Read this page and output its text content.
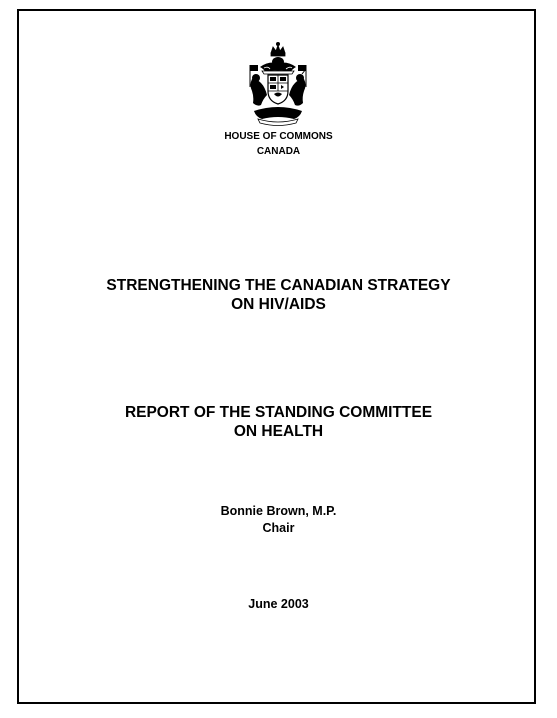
HOUSE OF COMMONS
CANADA
STRENGTHENING THE CANADIAN STRATEGY
ON HIV/AIDS
REPORT OF THE STANDING COMMITTEE
ON HEALTH
Bonnie Brown, M.P.
Chair
June 2003
